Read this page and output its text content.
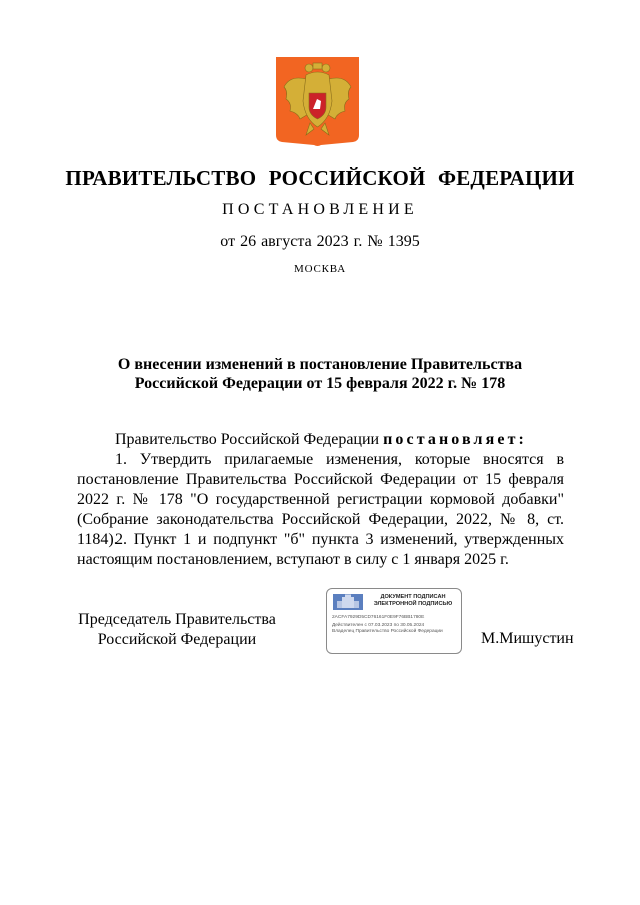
ПРАВИТЕЛЬСТВО РОССИЙСКОЙ ФЕДЕРАЦИИ
ПОСТАНОВЛЕНИЕ
от 26 августа 2023 г. № 1395
МОСКВА
О внесении изменений в постановление Правительства
Российской Федерации от 15 февраля 2022 г. № 178
Правительство Российской Федерации постановляет:
1. Утвердить прилагаемые изменения, которые вносятся в постановление Правительства Российской Федерации от 15 февраля 2022 г. № 178 "О государственной регистрации кормовой добавки" (Собрание законодательства Российской Федерации, 2022, № 8, ст. 1184).
2. Пункт 1 и подпункт "б" пункта 3 изменений, утвержденных настоящим постановлением, вступают в силу с 1 января 2025 г.
Председатель Правительства
Российской Федерации
ДОКУМЕНТ ПОДПИСАН
ЭЛЕКТРОННОЙ ПОДПИСЬЮ
2ACFA7929D5CD76161F0E9F76BB1780E
Действителен с 07.03.2023 по 30.05.2024
Владелец Правительство Российской Федерации	М.Мишустин
